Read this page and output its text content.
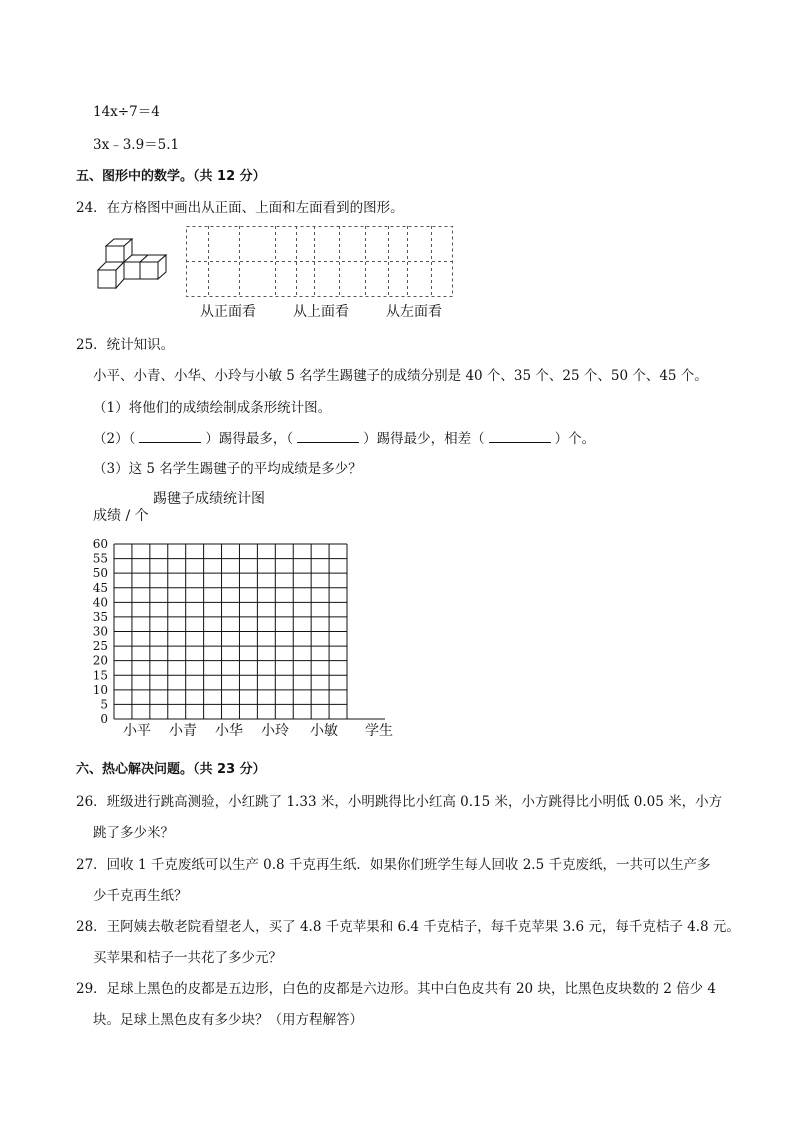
14x÷7＝4
3x﹣3.9＝5.1
五、图形中的数学。（共 12 分）
24．在方格图中画出从正面、上面和左面看到的图形。
从正面看	从上面看	从左面看
25．统计知识。
小平、小青、小华、小玲与小敏 5 名学生踢毽子的成绩分别是 40 个、35 个、25 个、50 个、45 个。
（1）将他们的成绩绘制成条形统计图。
（2）（	）踢得最多，（	）踢得最少，相差（	）个。
（3）这 5 名学生踢毽子的平均成绩是多少？
踢毽子成绩统计图
成绩 / 个
0
5
10
15
20
25
30
35
40
45
50
55
60
小平 小青 小华 小玲 小敏 学生
六、热心解决问题。（共 23 分）
26．班级进行跳高测验，小红跳了 1.33 米，小明跳得比小红高 0.15 米，小方跳得比小明低 0.05 米，小方
跳了多少米？
27．回收 1 千克废纸可以生产 0.8 千克再生纸．如果你们班学生每人回收 2.5 千克废纸，一共可以生产多
少千克再生纸？
28．王阿姨去敬老院看望老人，买了 4.8 千克苹果和 6.4 千克桔子，每千克苹果 3.6 元，每千克桔子 4.8 元。
买苹果和桔子一共花了多少元？
29．足球上黑色的皮都是五边形，白色的皮都是六边形。其中白色皮共有 20 块，比黑色皮块数的 2 倍少 4
块。足球上黑色皮有多少块？（用方程解答）
